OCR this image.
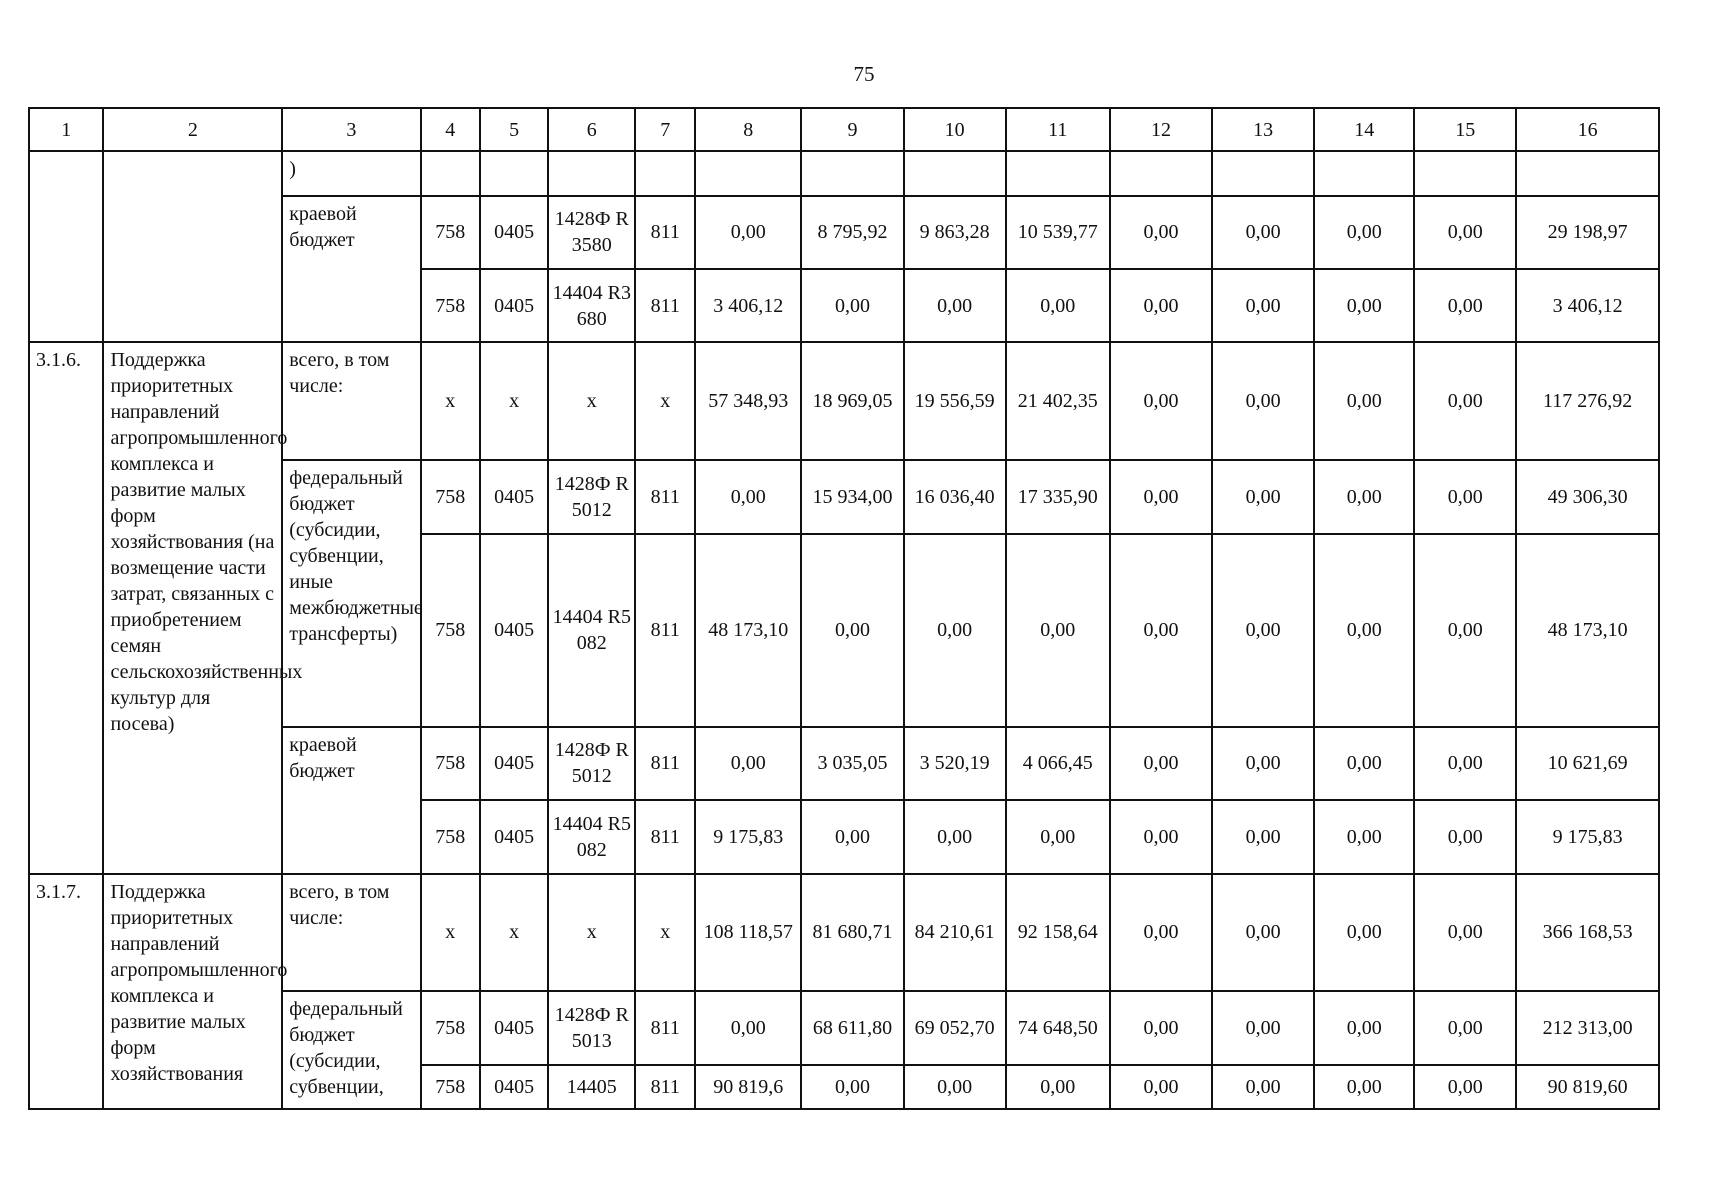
75
1	2	3	4	5	6	7	8	9	10	11	12	13	14	15	16
		)													
		краевой бюджет	758	0405	1428Ф R3580	811	0,00	8 795,92	9 863,28	10 539,77	0,00	0,00	0,00	0,00	29 198,97
			758	0405	14404 R3680	811	3 406,12	0,00	0,00	0,00	0,00	0,00	0,00	0,00	3 406,12
3.1.6.	Поддержка приоритетных направлений агропромышленного комплекса и развитие малых форм хозяйствования (на возмещение части затрат, связанных с приобретением семян сельскохозяйственных культур для посева)	всего, в том числе:	х	х	х	х	57 348,93	18 969,05	19 556,59	21 402,35	0,00	0,00	0,00	0,00	117 276,92
		федеральный бюджет (субсидии, субвенции, иные межбюджетные трансферты)	758	0405	1428Ф R5012	811	0,00	15 934,00	16 036,40	17 335,90	0,00	0,00	0,00	0,00	49 306,30
			758	0405	14404 R5082	811	48 173,10	0,00	0,00	0,00	0,00	0,00	0,00	0,00	48 173,10
		краевой бюджет	758	0405	1428Ф R5012	811	0,00	3 035,05	3 520,19	4 066,45	0,00	0,00	0,00	0,00	10 621,69
			758	0405	14404 R5082	811	9 175,83	0,00	0,00	0,00	0,00	0,00	0,00	0,00	9 175,83
3.1.7.	Поддержка приоритетных направлений агропромышленного комплекса и развитие малых форм хозяйствования	всего, в том числе:	х	х	х	х	108 118,57	81 680,71	84 210,61	92 158,64	0,00	0,00	0,00	0,00	366 168,53
		федеральный бюджет (субсидии, субвенции,	758	0405	1428Ф R5013	811	0,00	68 611,80	69 052,70	74 648,50	0,00	0,00	0,00	0,00	212 313,00
			758	0405	14405	811	90 819,6	0,00	0,00	0,00	0,00	0,00	0,00	0,00	90 819,60
